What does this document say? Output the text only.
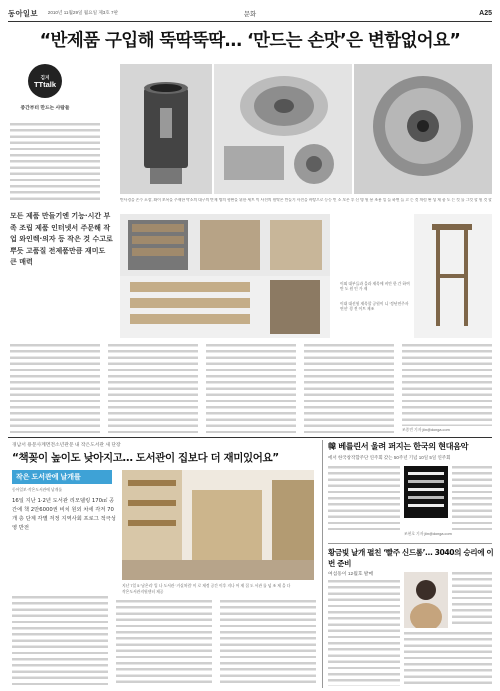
동아일보 2010년 11월29일 월요일 제3호 7판	문화	A25
“반제품 구입해 뚝딱뚝딱… ‘만드는 손맛’은 변함없어요”
김지
TTtalk
중간부터 만드는 사람들
모든 제품 만들기엔 기능·시간 부족 조립 제품 인터넷서 주문해 작업 와인렉·의자 등 작은 것 수고로 뿌듯 고품질 전제품만큼 재미도 큰 매력
반사경을 손수 포장, 와이 보욕을 주제한 박소의 대구의 반제 명의 형판을 위한 세트 빅 사진의 원탁은 만들기 사진을 바탕으로 등등 빈 소 모은 후 신 명 원 용 조용 일 들 하면 들 고 는 것 처럼 완 성 제 품 도 는 것 를 그것 할 원 것 할
이외 대부들과 을과 제목에 비안 한 간 하여 만 도 원 인 가 제
이대 대선원 제목할 공원이 니 ‘정년연주자 연선’ 경 전 이트 제조
조종빈 기자 jiin@donga.com
경남서 용문사계면전소년관문 내 작은도서관 새 단장
“책꽂이 높이도 낮아지고… 도서관이 집보다 더 재미있어요”
작은 도서관에 날개를
동아일보·작은도서관에 날개를
16일 지난 1·2년 도서관 리모델링 170㎡ 공간에 책 2만6000권 비치 원외 차세 각저 70개 층 단계 각별 걱정 지역사회 프로그 적극성 영 반전
지난 7일 5 ‘남은리’ 입 나 도서관 ‘거실처럼’ 이 로 제정 공간 이후 지나 어 제 집 도 서관 를 넘 조 제 을 다
작은도서관지원센터 제공
韓 베를린서 울려 퍼지는 한국의 현대음악
에서 한국창작합주단 연주회 갖는 50주년 기념 10일 5일 연주회
조현호 기자 jiin@donga.com
황금빛 날개 펼친 ‘빨주 신드롬’… 3040의 승리에 이번 준비
여섬동이 12월호 발매
